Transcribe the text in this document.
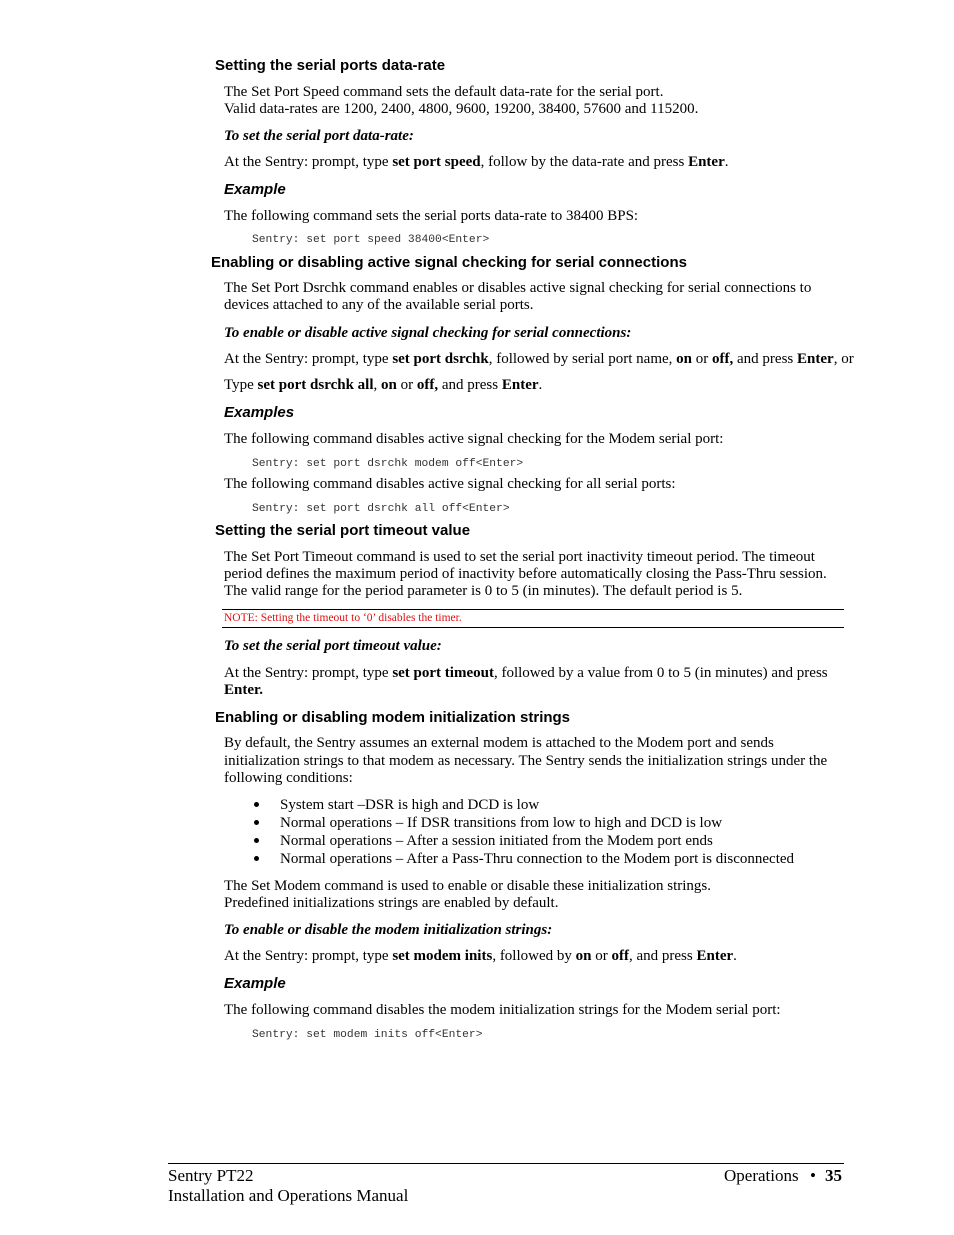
Setting the serial ports data-rate
The Set Port Speed command sets the default data-rate for the serial port.
Valid data-rates are 1200, 2400, 4800, 9600, 19200, 38400, 57600 and 115200.
To set the serial port data-rate:
At the Sentry: prompt, type set port speed, follow by the data-rate and press Enter.
Example
The following command sets the serial ports data-rate to 38400 BPS:
Sentry: set port speed 38400<Enter>
Enabling or disabling active signal checking for serial connections
The Set Port Dsrchk command enables or disables active signal checking for serial connections to
devices attached to any of the available serial ports.
To enable or disable active signal checking for serial connections:
At the Sentry: prompt, type set port dsrchk, followed by serial port name, on or off, and press Enter, or
Type set port dsrchk all, on or off, and press Enter.
Examples
The following command disables active signal checking for the Modem serial port:
Sentry: set port dsrchk modem off<Enter>
The following command disables active signal checking for all serial ports:
Sentry: set port dsrchk all off<Enter>
Setting the serial port timeout value
The Set Port Timeout command is used to set the serial port inactivity timeout period. The timeout
period defines the maximum period of inactivity before automatically closing the Pass-Thru session.
The valid range for the period parameter is 0 to 5 (in minutes). The default period is 5.
NOTE: Setting the timeout to ‘0’ disables the timer.
To set the serial port timeout value:
At the Sentry: prompt, type set port timeout, followed by a value from 0 to 5 (in minutes) and press
Enter.
Enabling or disabling modem initialization strings
By default, the Sentry assumes an external modem is attached to the Modem port and sends
initialization strings to that modem as necessary. The Sentry sends the initialization strings under the
following conditions:
System start –DSR is high and DCD is low
Normal operations – If DSR transitions from low to high and DCD is low
Normal operations – After a session initiated from the Modem port ends
Normal operations – After a Pass-Thru connection to the Modem port is disconnected
The Set Modem command is used to enable or disable these initialization strings.
Predefined initializations strings are enabled by default.
To enable or disable the modem initialization strings:
At the Sentry: prompt, type set modem inits, followed by on or off, and press Enter.
Example
The following command disables the modem initialization strings for the Modem serial port:
Sentry: set modem inits off<Enter>
Sentry PT22
Installation and Operations Manual
Operations • 35
